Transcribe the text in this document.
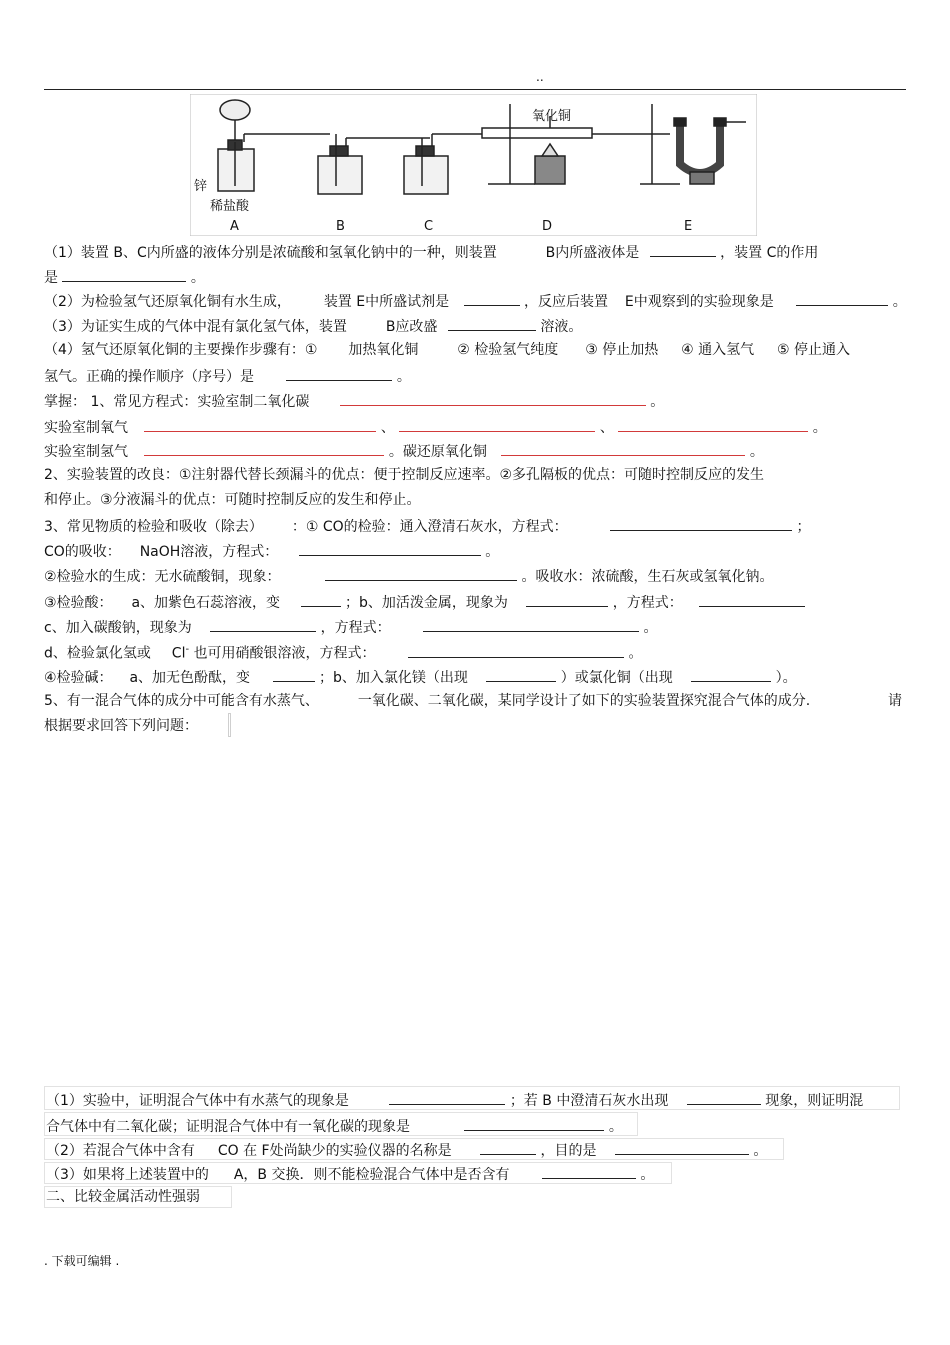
..
氧化铜
锌
稀盐酸
A	B	C	D	E
（1）装置 B、C内所盛的液体分别是浓硫酸和氢氧化钠中的一种，则装置	B内所盛液体是	，装置 C的作用
是	。
（2）为检验氢气还原氧化铜有水生成， 装置 E中所盛试剂是	，反应后装置 E中观察到的实验现象是	。
（3）为证实生成的气体中混有氯化氢气体，装置	B应改盛	溶液。
（4）氢气还原氧化铜的主要操作步骤有：① 加热氧化铜	② 检验氢气纯度 ③ 停止加热 ④ 通入氢气 ⑤ 停止通入
氢气。正确的操作顺序（序号）是	。
掌握： 1、常见方程式：实验室制二氧化碳	。
实验室制氧气	、	、	。
实验室制氢气	。碳还原氧化铜	。
2、实验装置的改良：①注射器代替长颈漏斗的优点：便于控制反应速率。②多孔隔板的优点：可随时控制反应的发生
和停止。③分液漏斗的优点：可随时控制反应的发生和停止。
3、常见物质的检验和吸收（除去） ：① CO的检验：通入澄清石灰水，方程式：	；
CO的吸收： NaOH溶液，方程式：	。
②检验水的生成：无水硫酸铜，现象：	。吸收水：浓硫酸，生石灰或氢氧化钠。
③检验酸： a、加紫色石蕊溶液，变	；b、加活泼金属，现象为	，方程式：
c、加入碳酸钠，现象为	，方程式：	。
d、检验氯化氢或 Cl- 也可用硝酸银溶液，方程式：	。
④检验碱： a、加无色酚酞，变	；b、加入氯化镁（出现	）或氯化铜（出现	）。
5、有一混合气体的成分中可能含有水蒸气、	一氧化碳、二氧化碳，某同学设计了如下的实验装置探究混合气体的成分.	请
根据要求回答下列问题：
（1）实验中，证明混合气体中有水蒸气的现象是	；若 B 中澄清石灰水出现	现象，则证明混
合气体中有二氧化碳；证明混合气体中有一氧化碳的现象是	。
（2）若混合气体中含有 CO 在 F处尚缺少的实验仪器的名称是	，目的是	。
（3）如果将上述装置中的 A，B 交换．则不能检验混合气体中是否含有	。
二、比较金属活动性强弱
. 下载可编辑 .
